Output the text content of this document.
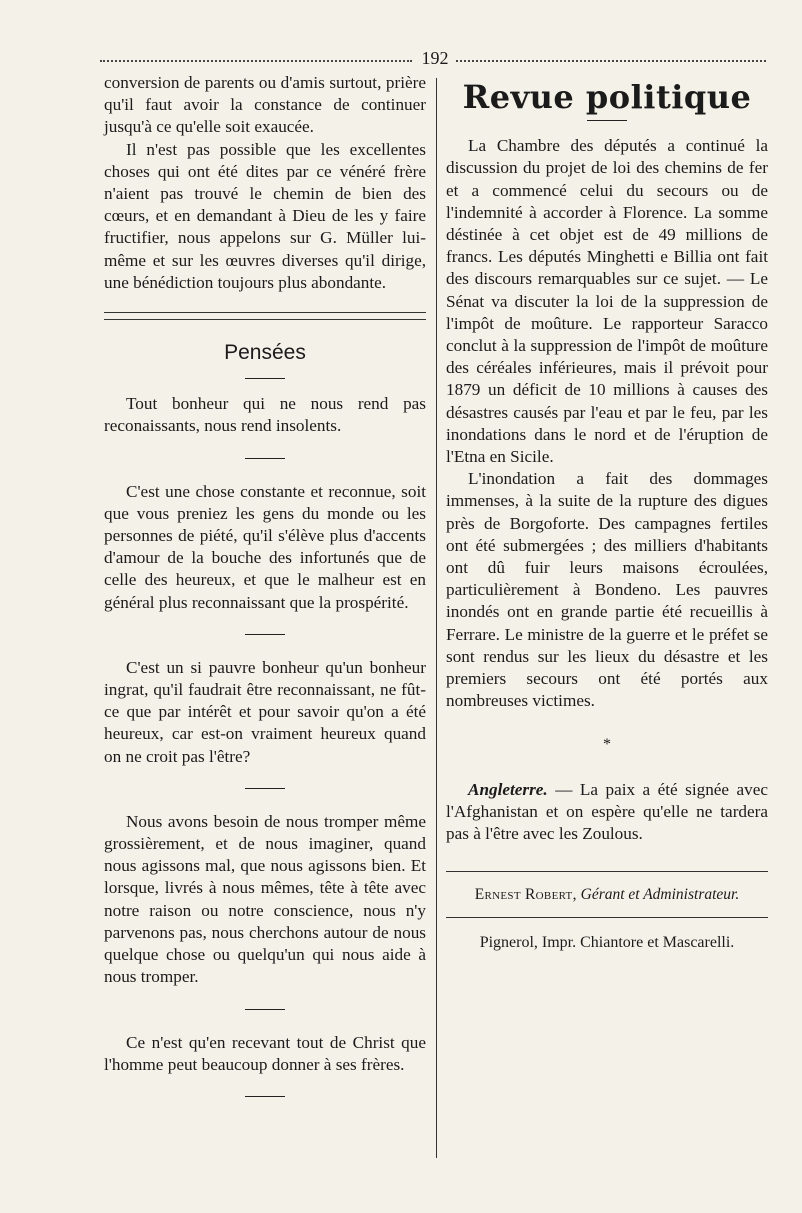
192

conversion de parents ou d'amis surtout, prière qu'il faut avoir la constance de continuer jusqu'à ce qu'elle soit exaucée.

Il n'est pas possible que les excellentes choses qui ont été dites par ce vénéré frère n'aient pas trouvé le chemin de bien des cœurs, et en demandant à Dieu de les y faire fructifier, nous appelons sur G. Müller lui-même et sur les œuvres diverses qu'il dirige, une bénédiction toujours plus abondante.

Pensées

Tout bonheur qui ne nous rend pas reconaissants, nous rend insolents.

C'est une chose constante et reconnue, soit que vous preniez les gens du monde ou les personnes de piété, qu'il s'élève plus d'accents d'amour de la bouche des infortunés que de celle des heureux, et que le malheur est en général plus reconnaissant que la prospérité.

C'est un si pauvre bonheur qu'un bonheur ingrat, qu'il faudrait être reconnaissant, ne fût-ce que par intérêt et pour savoir qu'on a été heureux, car est-on vraiment heureux quand on ne croit pas l'être?

Nous avons besoin de nous tromper même grossièrement, et de nous imaginer, quand nous agissons mal, que nous agissons bien. Et lorsque, livrés à nous mêmes, tête à tête avec notre raison ou notre conscience, nous n'y parvenons pas, nous cherchons autour de nous quelque chose ou quelqu'un qui nous aide à nous tromper.

Ce n'est qu'en recevant tout de Christ que l'homme peut beaucoup donner à ses frères.

Revue politique

La Chambre des députés a continué la discussion du projet de loi des chemins de fer et a commencé celui du secours ou de l'indemnité à accorder à Florence. La somme déstinée à cet objet est de 49 millions de francs. Les députés Minghetti e Billia ont fait des discours remarquables sur ce sujet. — Le Sénat va discuter la loi de la suppression de l'impôt de moûture. Le rapporteur Saracco conclut à la suppression de l'impôt de moûture des céréales inférieures, mais il prévoit pour 1879 un déficit de 10 millions à causes des désastres causés par l'eau et par le feu, par les inondations dans le nord et de l'éruption de l'Etna en Sicile.

L'inondation a fait des dommages immenses, à la suite de la rupture des digues près de Borgoforte. Des campagnes fertiles ont été submergées ; des milliers d'habitants ont dû fuir leurs maisons écroulées, particulièrement à Bondeno. Les pauvres inondés ont en grande partie été recueillis à Ferrare. Le ministre de la guerre et le préfet se sont rendus sur les lieux du désastre et les premiers secours ont été portés aux nombreuses victimes.

*

Angleterre. — La paix a été signée avec l'Afghanistan et on espère qu'elle ne tardera pas à l'être avec les Zoulous.

Ernest Robert, Gérant et Administrateur.
Pignerol, Impr. Chiantore et Mascarelli.
